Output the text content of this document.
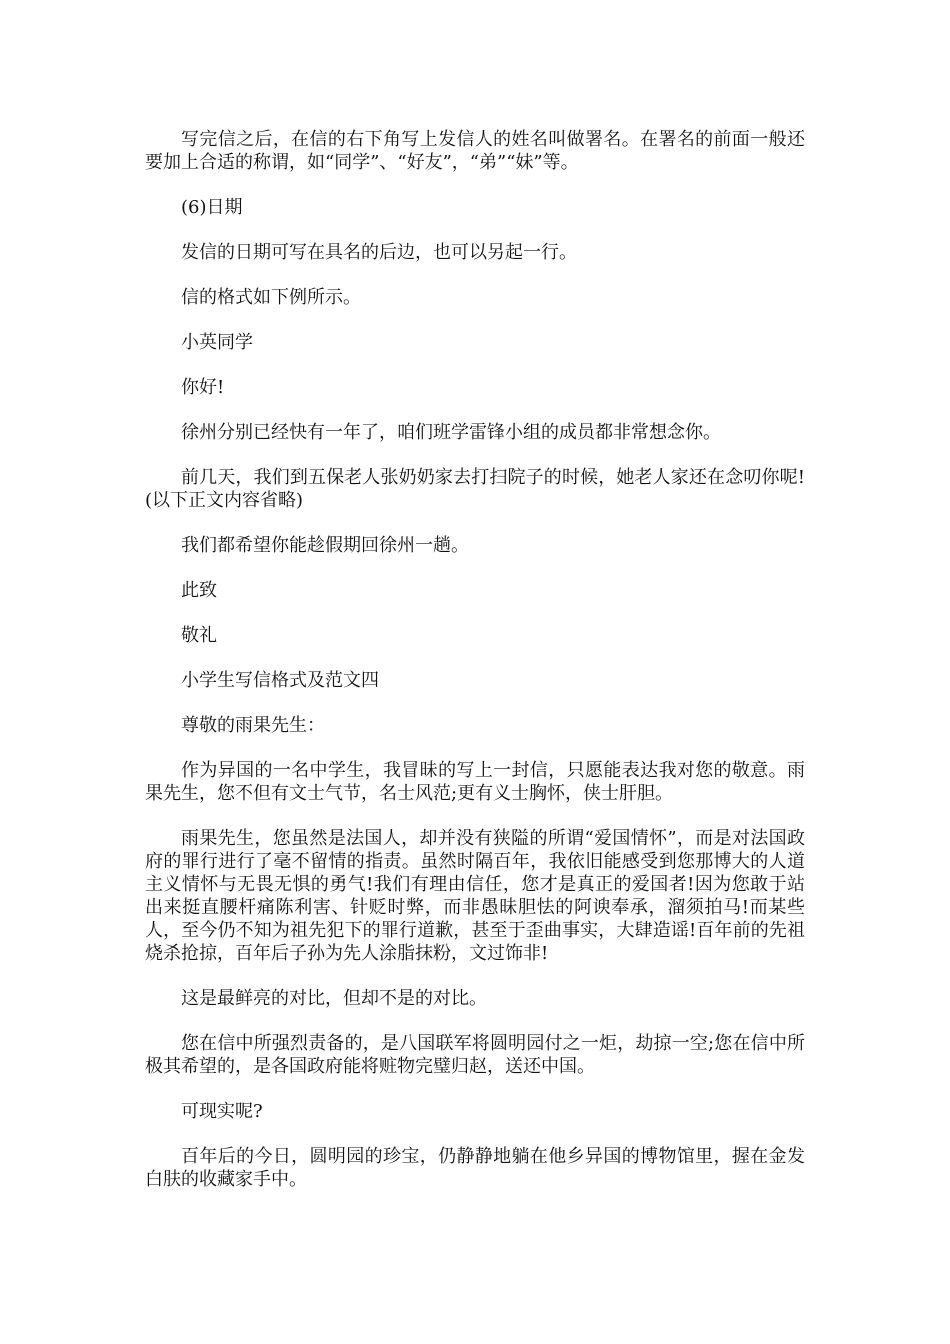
写完信之后，在信的右下角写上发信人的姓名叫做署名。在署名的前面一般还要加上合适的称谓，如“同学”、“好友”，“弟”“妹”等。

(6)日期

发信的日期可写在具名的后边，也可以另起一行。

信的格式如下例所示。

小英同学

你好!

徐州分别已经快有一年了，咱们班学雷锋小组的成员都非常想念你。

前几天，我们到五保老人张奶奶家去打扫院子的时候，她老人家还在念叨你呢!(以下正文内容省略)

我们都希望你能趁假期回徐州一趟。

此致

敬礼

小学生写信格式及范文四

尊敬的雨果先生：

作为异国的一名中学生，我冒昧的写上一封信，只愿能表达我对您的敬意。雨果先生，您不但有文士气节，名士风范;更有义士胸怀，侠士肝胆。

雨果先生，您虽然是法国人，却并没有狭隘的所谓“爱国情怀”，而是对法国政府的罪行进行了毫不留情的指责。虽然时隔百年，我依旧能感受到您那博大的人道主义情怀与无畏无惧的勇气!我们有理由信任，您才是真正的爱国者!因为您敢于站出来挺直腰杆痛陈利害、针贬时弊，而非愚昧胆怯的阿谀奉承，溜须拍马!而某些人，至今仍不知为祖先犯下的罪行道歉，甚至于歪曲事实，大肆造谣!百年前的先祖烧杀抢掠，百年后子孙为先人涂脂抹粉，文过饰非!

这是最鲜亮的对比，但却不是的对比。

您在信中所强烈责备的，是八国联军将圆明园付之一炬，劫掠一空;您在信中所极其希望的，是各国政府能将赃物完璧归赵，送还中国。

可现实呢?

百年后的今日，圆明园的珍宝，仍静静地躺在他乡异国的博物馆里，握在金发白肤的收藏家手中。
